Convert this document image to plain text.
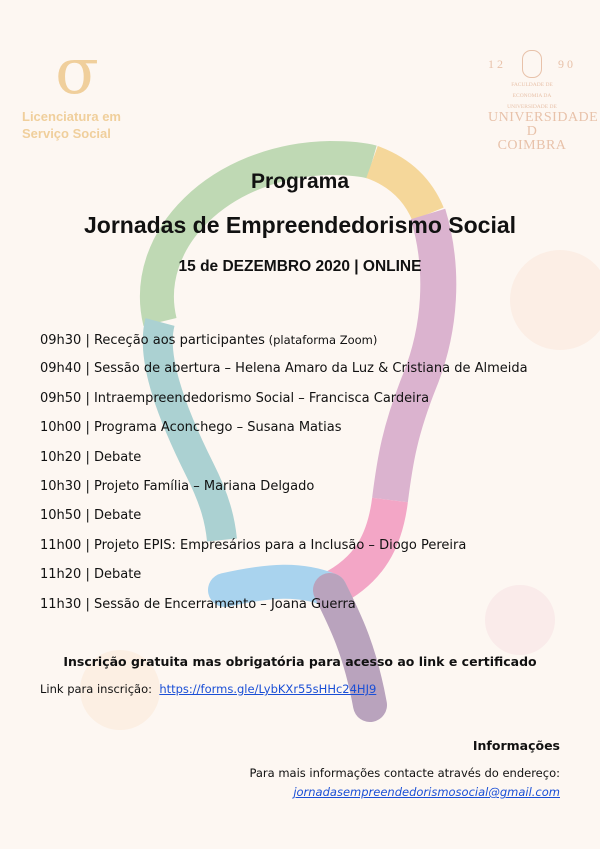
σ
Licenciatura em
Serviço Social
12	90
FACULDADE DE
ECONOMIA DA
UNIVERSIDADE DE
UNIVERSIDADE D
COIMBRA
Programa
Jornadas de Empreendedorismo Social
15 de DEZEMBRO 2020 | ONLINE
09h30 | Receção aos participantes (plataforma Zoom)
09h40 | Sessão de abertura – Helena Amaro da Luz & Cristiana de Almeida
09h50 | Intraempreendedorismo Social – Francisca Cardeira
10h00 | Programa Aconchego – Susana Matias
10h20 | Debate
10h30 | Projeto Família – Mariana Delgado
10h50 | Debate
11h00 | Projeto EPIS: Empresários para a Inclusão – Diogo Pereira
11h20 | Debate
11h30 | Sessão de Encerramento – Joana Guerra
Inscrição gratuita mas obrigatória para acesso ao link e certificado
Link para inscrição: https://forms.gle/LybKXr55sHHc24HJ9
Informações
Para mais informações contacte através do endereço:
jornadasempreendedorismosocial@gmail.com
